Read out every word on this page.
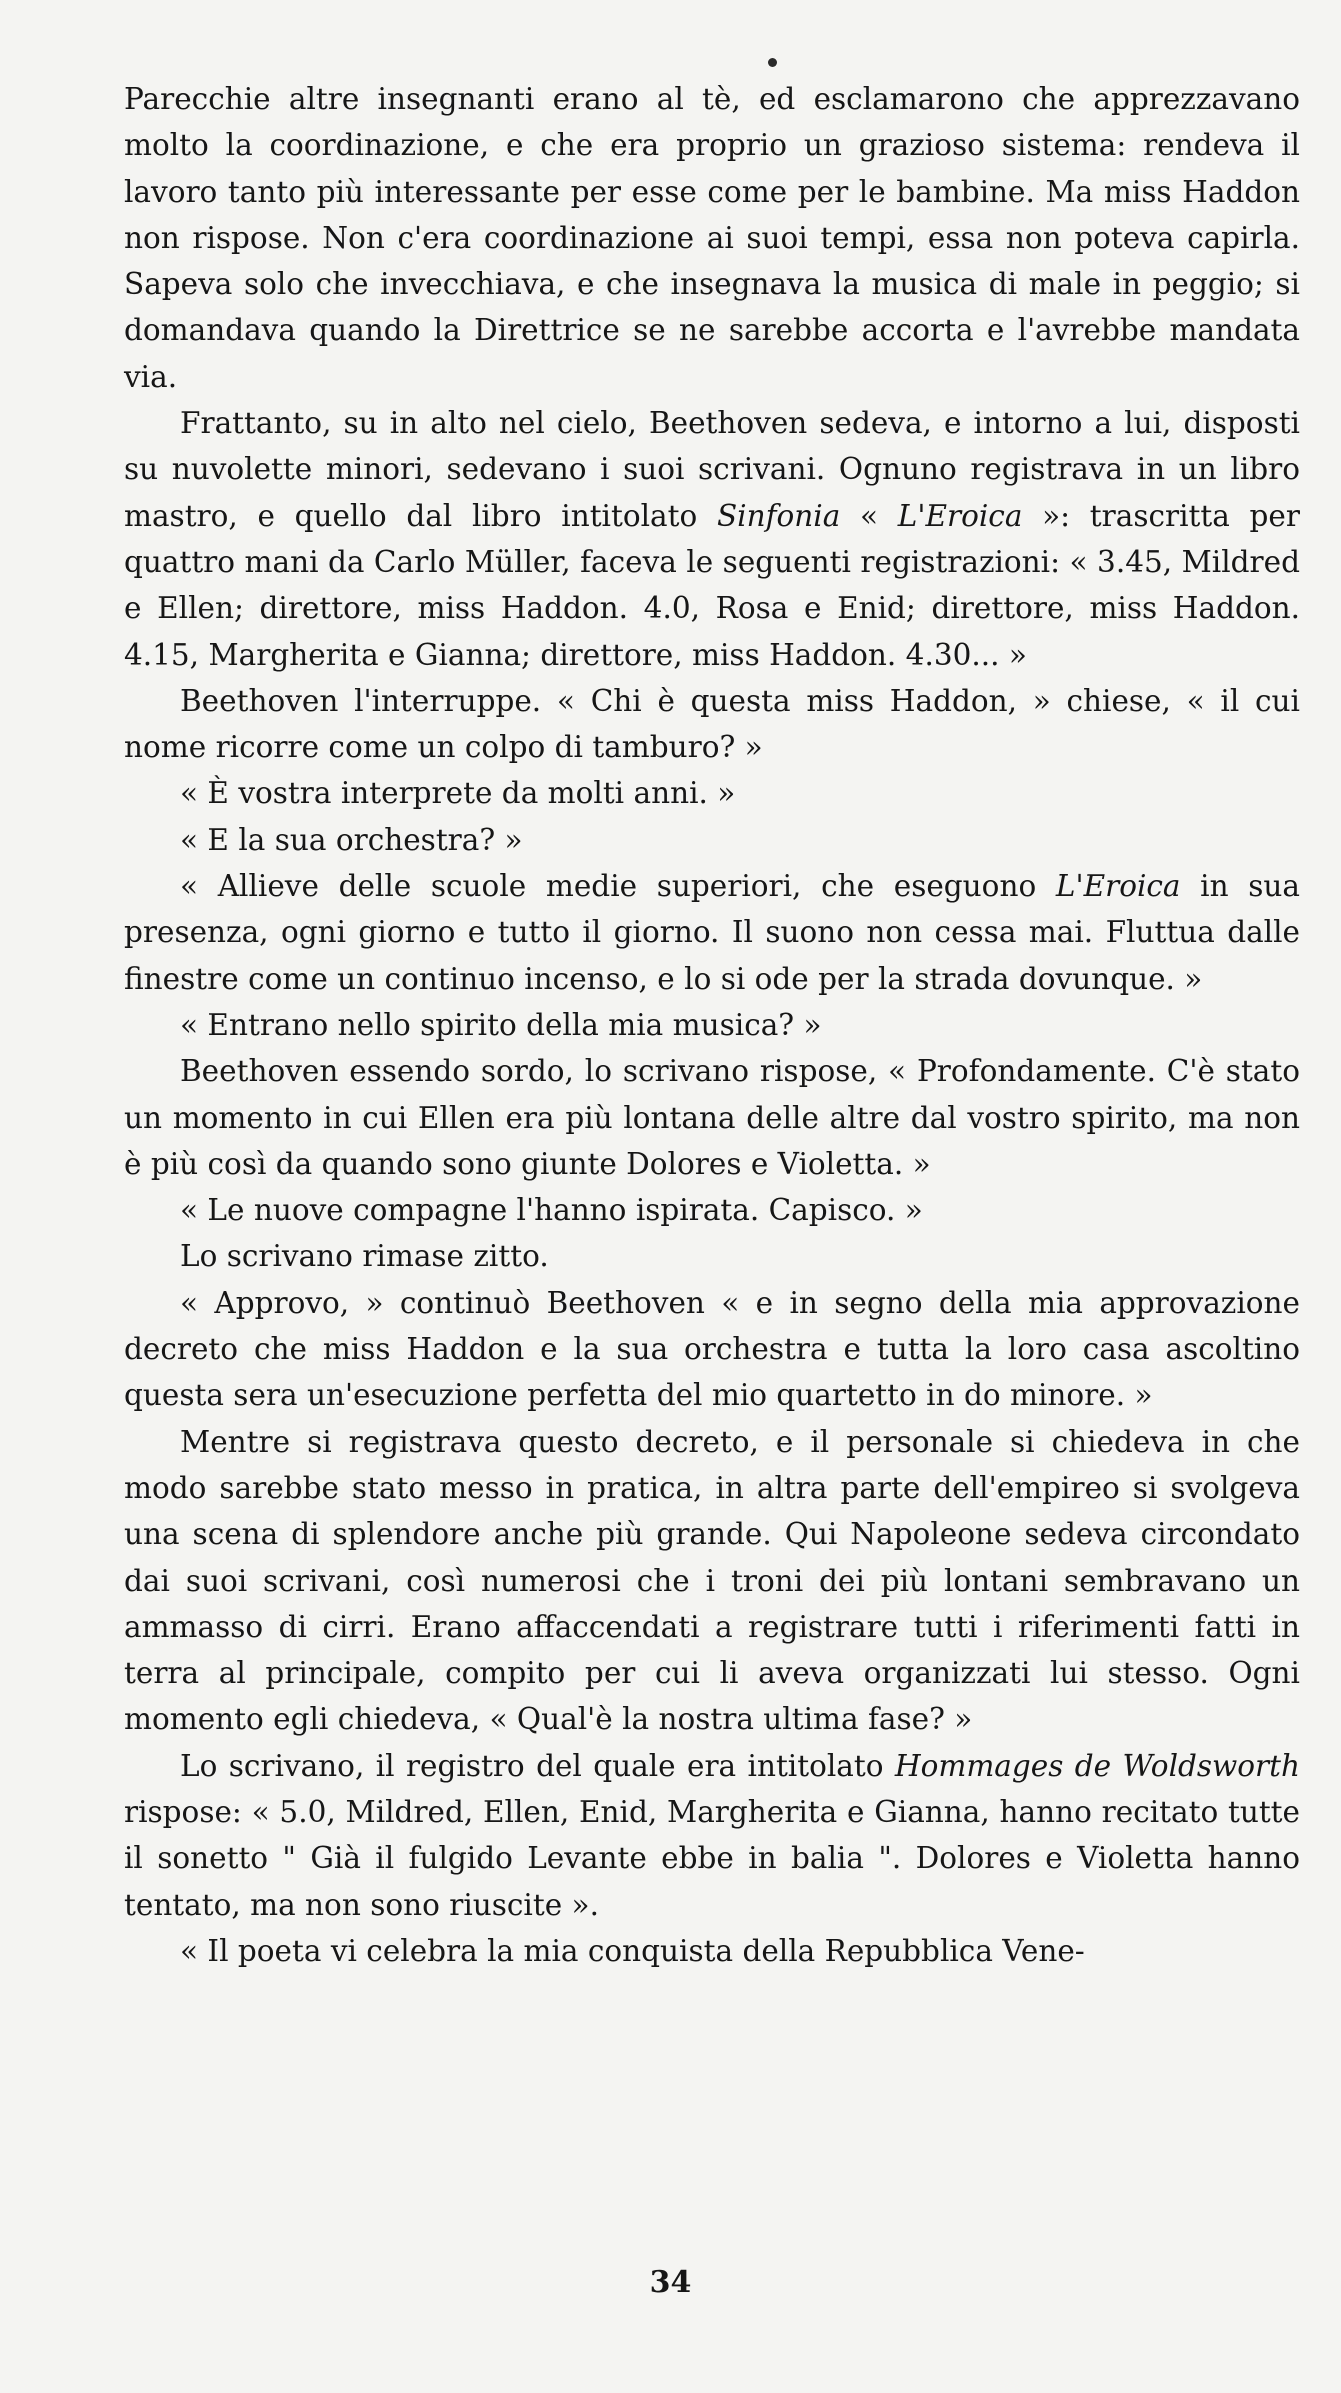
Parecchie altre insegnanti erano al tè, ed esclamarono che apprezzavano molto la coordinazione, e che era proprio un grazioso sistema: rendeva il lavoro tanto più interessante per esse come per le bambine. Ma miss Haddon non rispose. Non c'era coordinazione ai suoi tempi, essa non poteva capirla. Sapeva solo che invecchiava, e che insegnava la musica di male in peggio; si domandava quando la Direttrice se ne sarebbe accorta e l'avrebbe mandata via.

Frattanto, su in alto nel cielo, Beethoven sedeva, e intorno a lui, disposti su nuvolette minori, sedevano i suoi scrivani. Ognuno registrava in un libro mastro, e quello dal libro intitolato Sinfonia « L'Eroica »: trascritta per quattro mani da Carlo Müller, faceva le seguenti registrazioni: « 3.45, Mildred e Ellen; direttore, miss Haddon. 4.0, Rosa e Enid; direttore, miss Haddon. 4.15, Margherita e Gianna; direttore, miss Haddon. 4.30... »

Beethoven l'interruppe. « Chi è questa miss Haddon, » chiese, « il cui nome ricorre come un colpo di tamburo? »

« È vostra interprete da molti anni. »

« E la sua orchestra? »

« Allieve delle scuole medie superiori, che eseguono L'Eroica in sua presenza, ogni giorno e tutto il giorno. Il suono non cessa mai. Fluttua dalle finestre come un continuo incenso, e lo si ode per la strada dovunque. »

« Entrano nello spirito della mia musica? »

Beethoven essendo sordo, lo scrivano rispose, « Profondamente. C'è stato un momento in cui Ellen era più lontana delle altre dal vostro spirito, ma non è più così da quando sono giunte Dolores e Violetta. »

« Le nuove compagne l'hanno ispirata. Capisco. »

Lo scrivano rimase zitto.

« Approvo, » continuò Beethoven « e in segno della mia approvazione decreto che miss Haddon e la sua orchestra e tutta la loro casa ascoltino questa sera un'esecuzione perfetta del mio quartetto in do minore. »

Mentre si registrava questo decreto, e il personale si chiedeva in che modo sarebbe stato messo in pratica, in altra parte dell'empireo si svolgeva una scena di splendore anche più grande. Qui Napoleone sedeva circondato dai suoi scrivani, così numerosi che i troni dei più lontani sembravano un ammasso di cirri. Erano affaccendati a registrare tutti i riferimenti fatti in terra al principale, compito per cui li aveva organizzati lui stesso. Ogni momento egli chiedeva, « Qual'è la nostra ultima fase? »

Lo scrivano, il registro del quale era intitolato Hommages de Woldsworth rispose: « 5.0, Mildred, Ellen, Enid, Margherita e Gianna, hanno recitato tutte il sonetto " Già il fulgido Levante ebbe in balia ". Dolores e Violetta hanno tentato, ma non sono riuscite ».

« Il poeta vi celebra la mia conquista della Repubblica Vene-

34
